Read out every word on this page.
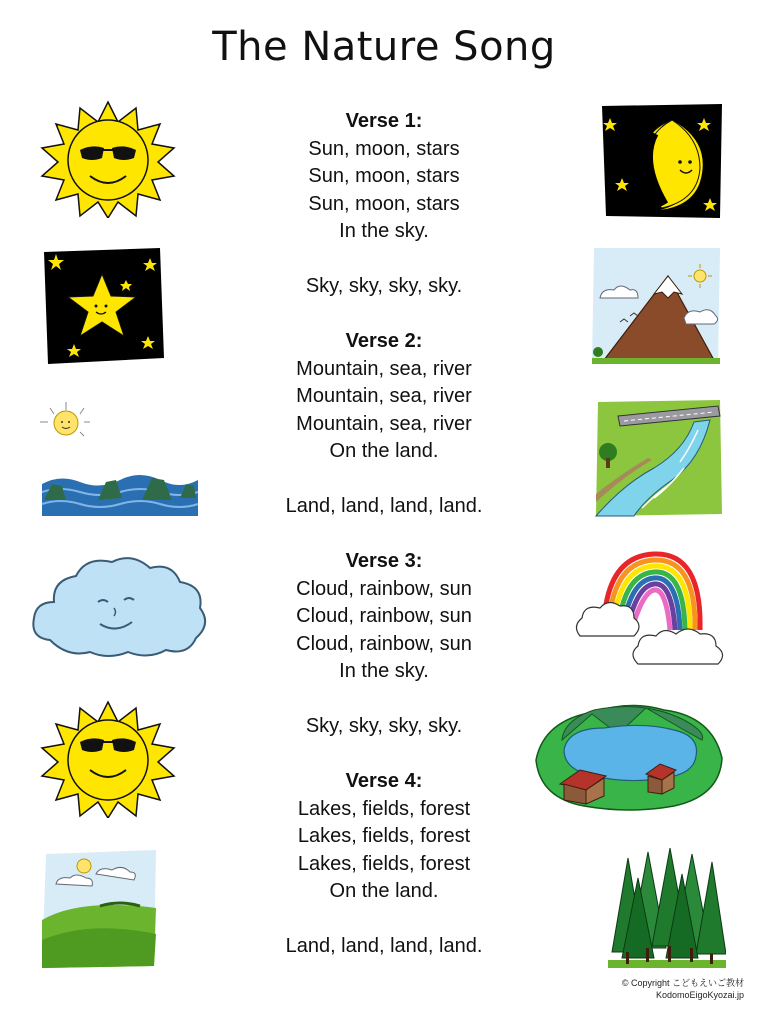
The Nature Song
Verse 1:
Sun, moon, stars
Sun, moon, stars
Sun, moon, stars
In the sky.
Sky, sky, sky, sky.
Verse 2:
Mountain, sea, river
Mountain, sea, river
Mountain, sea, river
On the land.
Land, land, land, land.
Verse 3:
Cloud, rainbow, sun
Cloud, rainbow, sun
Cloud, rainbow, sun
In the sky.
Sky, sky, sky, sky.
Verse 4:
Lakes, fields, forest
Lakes, fields, forest
Lakes, fields, forest
On the land.
Land, land, land, land.
© Copyright こどもえいご教材
KodomoEigoKyozai.jp
